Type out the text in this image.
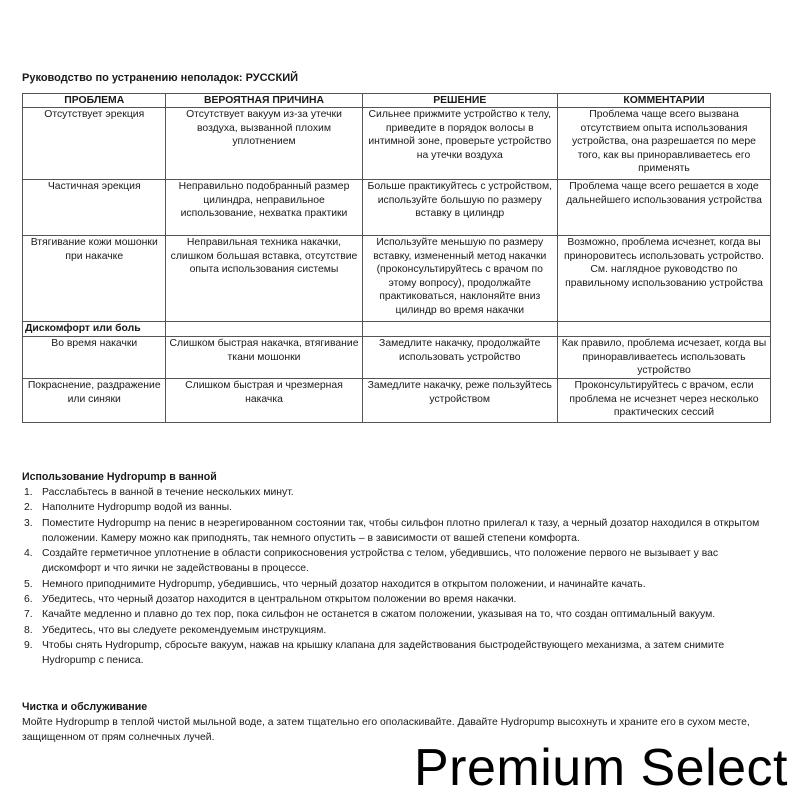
Руководство по устранению неполадок: РУССКИЙ
ПРОБЛЕМА	ВЕРОЯТНАЯ ПРИЧИНА	РЕШЕНИЕ	КОММЕНТАРИИ
Отсутствует эрекция	Отсутствует вакуум из-за утечки воздуха, вызванной плохим уплотнением	Сильнее прижмите устройство к телу, приведите в порядок волосы в интимной зоне, проверьте устройство на утечки воздуха	Проблема чаще всего вызвана отсутствием опыта использования устройства, она разрешается по мере того, как вы приноравливаетесь его применять
Частичная эрекция	Неправильно подобранный размер цилиндра, неправильное использование, нехватка практики	Больше практикуйтесь с устройством, используйте большую по размеру вставку в цилиндр	Проблема чаще всего решается в ходе дальнейшего использования устройства
Втягивание кожи мошонки при накачке	Неправильная техника накачки, слишком большая вставка, отсутствие опыта использования системы	Используйте меньшую по размеру вставку, измененный метод накачки (проконсультируйтесь с врачом по этому вопросу), продолжайте практиковаться, наклоняйте вниз цилиндр во время накачки	Возможно, проблема исчезнет, когда вы приноровитесь использовать устройство. См. наглядное руководство по правильному использованию устройства
Дискомфорт или боль			
Во время накачки	Слишком быстрая накачка, втягивание ткани мошонки	Замедлите накачку, продолжайте использовать устройство	Как правило, проблема исчезает, когда вы приноравливаетесь использовать устройство
Покраснение, раздражение или синяки	Слишком быстрая и чрезмерная накачка	Замедлите накачку, реже пользуйтесь устройством	Проконсультируйтесь с врачом, если проблема не исчезнет через несколько практических сессий
Использование Hydropump в ванной
1. Расслабьтесь в ванной в течение нескольких минут.
2. Наполните Hydropump водой из ванны.
3. Поместите Hydropump на пенис в неэрегированном состоянии так, чтобы сильфон плотно прилегал к тазу, а черный дозатор находился в открытом положении. Камеру можно как приподнять, так немного опустить – в зависимости от вашей степени комфорта.
4. Создайте герметичное уплотнение в области соприкосновения устройства с телом, убедившись, что положение первого не вызывает у вас дискомфорт и что яички не задействованы в процессе.
5. Немного приподнимите Hydropump, убедившись, что черный дозатор находится в открытом положении, и начинайте качать.
6. Убедитесь, что черный дозатор находится в центральном открытом положении во время накачки.
7. Качайте медленно и плавно до тех пор, пока сильфон не останется в сжатом положении, указывая на то, что создан оптимальный вакуум.
8. Убедитесь, что вы следуете рекомендуемым инструкциям.
9. Чтобы снять Hydropump, сбросьте вакуум, нажав на крышку клапана для задействования быстродействующего механизма, а затем снимите Hydropump с пениса.
Чистка и обслуживание

Мойте Hydropump в теплой чистой мыльной воде, а затем тщательно его ополаскивайте. Давайте Hydropump высохнуть и храните его в сухом месте, защищенном от прям солнечных лучей.

Premium Select
